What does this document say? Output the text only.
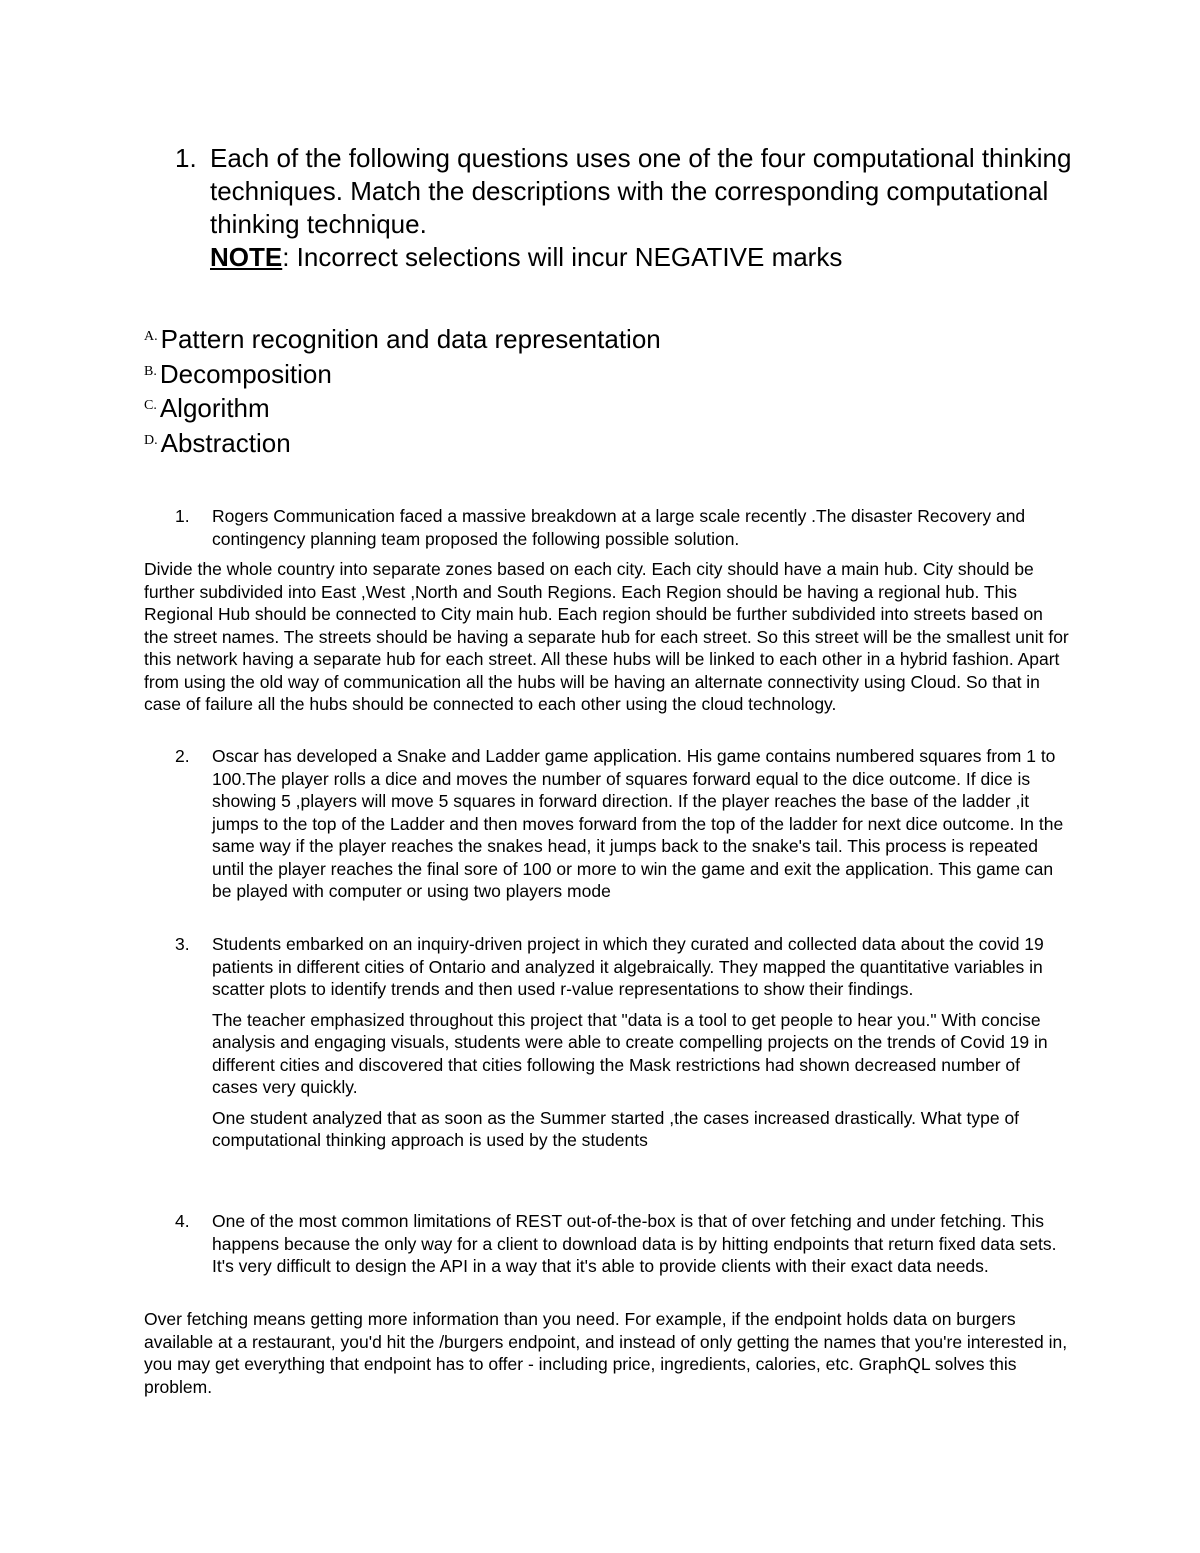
1. Each of the following questions uses one of the four computational thinking techniques. Match the descriptions with the corresponding computational thinking technique.
NOTE: Incorrect selections will incur NEGATIVE marks
$^{A.}$ Pattern recognition and data representation
$^{B.}$ Decomposition
$^{C.}$ Algorithm
$^{D.}$ Abstraction
1. Rogers Communication faced a massive breakdown at a large scale recently .The disaster Recovery and contingency planning team proposed the following possible solution.

Divide the whole country into separate zones based on each city. Each city should have a main hub. City should be further subdivided into East ,West ,North and South Regions. Each Region should be having a regional hub. This Regional Hub should be connected to City main hub. Each region should be further subdivided into streets based on the street names. The streets should be having a separate hub for each street. So this street will be the smallest unit for this network having a separate hub for each street. All these hubs will be linked to each other in a hybrid fashion. Apart from using the old way of communication all the hubs will be having an alternate connectivity using Cloud. So that in case of failure all the hubs should be connected to each other using the cloud technology.

2. Oscar has developed a Snake and Ladder game application. His game contains numbered squares from 1 to 100.The player rolls a dice and moves the number of squares forward equal to the dice outcome. If dice is showing 5 ,players will move 5 squares in forward direction. If the player reaches the base of the ladder ,it jumps to the top of the Ladder and then moves forward from the top of the ladder for next dice outcome. In the same way if the player reaches the snakes head, it jumps back to the snake's tail. This process is repeated until the player reaches the final sore of 100 or more to win the game and exit the application. This game can be played with computer or using two players mode
3. Students embarked on an inquiry-driven project in which they curated and collected data about the covid 19 patients in different cities of Ontario and analyzed it algebraically. They mapped the quantitative variables in scatter plots to identify trends and then used r-value representations to show their findings.

The teacher emphasized throughout this project that "data is a tool to get people to hear you." With concise analysis and engaging visuals, students were able to create compelling projects on the trends of Covid 19 in different cities and discovered that cities following the Mask restrictions had shown decreased number of cases very quickly.

One student analyzed that as soon as the Summer started ,the cases increased drastically. What type of computational thinking approach is used by the students

4. One of the most common limitations of REST out-of-the-box is that of over fetching and under fetching. This happens because the only way for a client to download data is by hitting endpoints that return fixed data sets. It's very difficult to design the API in a way that it's able to provide clients with their exact data needs.

Over fetching means getting more information than you need. For example, if the endpoint holds data on burgers available at a restaurant, you'd hit the /burgers endpoint, and instead of only getting the names that you're interested in, you may get everything that endpoint has to offer - including price, ingredients, calories, etc. GraphQL solves this problem.
